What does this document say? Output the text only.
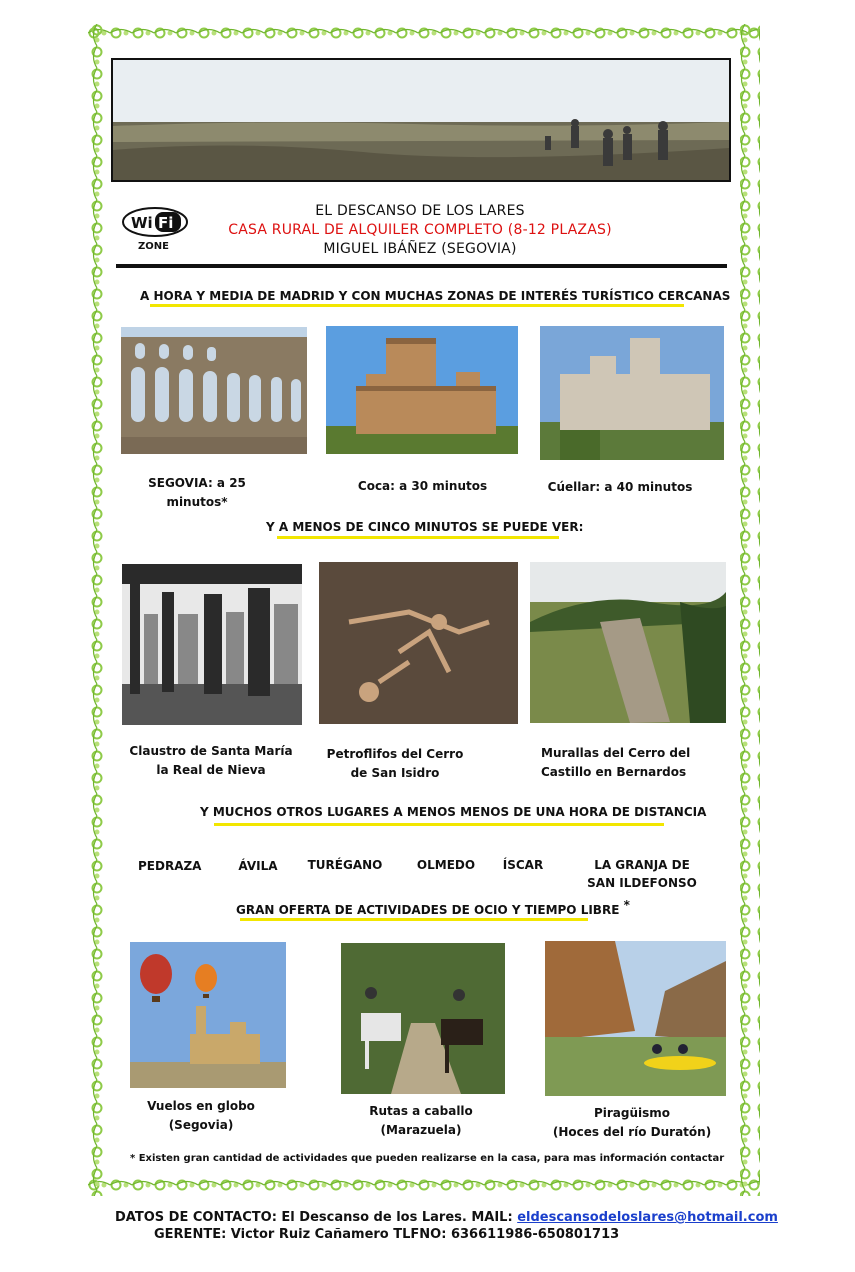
Wi Fi
ZONE
EL DESCANSO DE LOS LARES
CASA RURAL DE ALQUILER COMPLETO (8-12 PLAZAS)
MIGUEL IBÁÑEZ (SEGOVIA)
A HORA Y MEDIA DE MADRID Y CON MUCHAS ZONAS DE INTERÉS TURÍSTICO CERCANAS
SEGOVIA: a 25 minutos*
Coca: a 30 minutos	Cúellar: a 40 minutos
Y A MENOS DE CINCO MINUTOS SE PUEDE VER:
Claustro de Santa María
la Real de Nieva
Petroflifos del Cerro
de San Isidro
Murallas del Cerro del
Castillo en Bernardos
Y MUCHOS OTROS LUGARES A MENOS MENOS DE UNA HORA DE DISTANCIA
PEDRAZA	ÁVILA	TURÉGANO	OLMEDO ÍSCAR	LA GRANJA DE
SAN ILDEFONSO
GRAN OFERTA DE ACTIVIDADES DE OCIO Y TIEMPO LIBRE *
Vuelos en globo
(Segovia)
Rutas a caballo
(Marazuela)
Piragüismo
(Hoces del río Duratón)
* Existen gran cantidad de actividades que pueden realizarse en la casa, para mas información contactar
DATOS DE CONTACTO: El Descanso de los Lares. MAIL: eldescansodeloslares@hotmail.com
GERENTE: Victor Ruiz Cañamero TLFNO: 636611986-650801713
